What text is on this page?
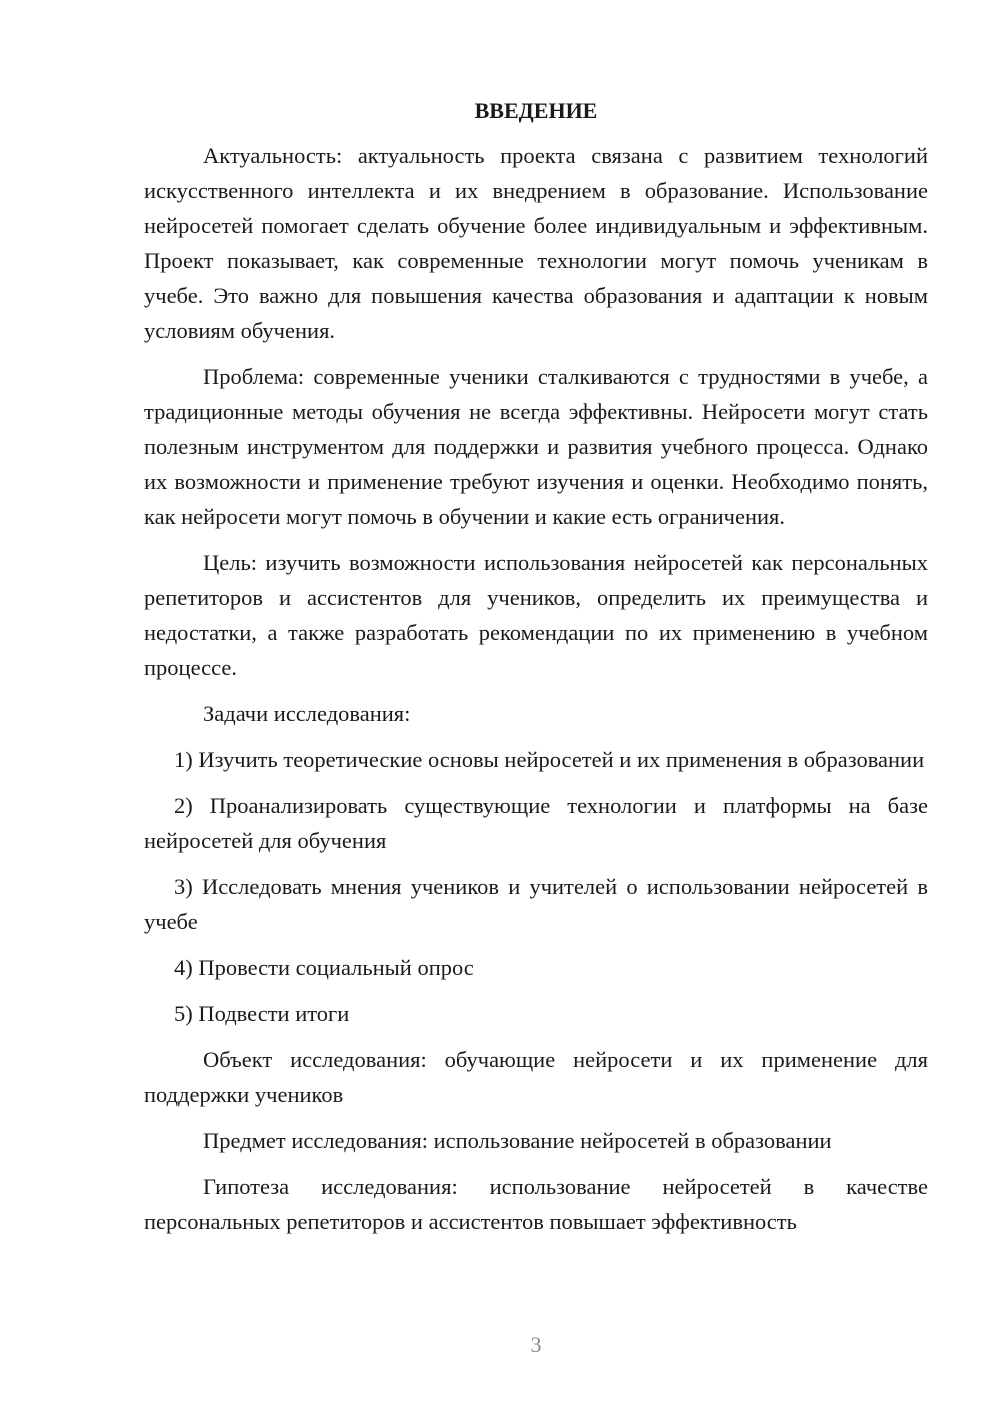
ВВЕДЕНИЕ

Актуальность: актуальность проекта связана с развитием технологий искусственного интеллекта и их внедрением в образование. Использование нейросетей помогает сделать обучение более индивидуальным и эффективным. Проект показывает, как современные технологии могут помочь ученикам в учебе. Это важно для повышения качества образования и адаптации к новым условиям обучения.

Проблема: современные ученики сталкиваются с трудностями в учебе, а традиционные методы обучения не всегда эффективны. Нейросети могут стать полезным инструментом для поддержки и развития учебного процесса. Однако их возможности и применение требуют изучения и оценки. Необходимо понять, как нейросети могут помочь в обучении и какие есть ограничения.

Цель: изучить возможности использования нейросетей как персональных репетиторов и ассистентов для учеников, определить их преимущества и недостатки, а также разработать рекомендации по их применению в учебном процессе.

Задачи исследования:

1) Изучить теоретические основы нейросетей и их применения в образовании

2) Проанализировать существующие технологии и платформы на базе нейросетей для обучения

3) Исследовать мнения учеников и учителей о использовании нейросетей в учебе

4) Провести социальный опрос

5) Подвести итоги

Объект исследования: обучающие нейросети и их применение для поддержки учеников

Предмет исследования: использование нейросетей в образовании

Гипотеза исследования: использование нейросетей в качестве персональных репетиторов и ассистентов повышает эффективность

3
